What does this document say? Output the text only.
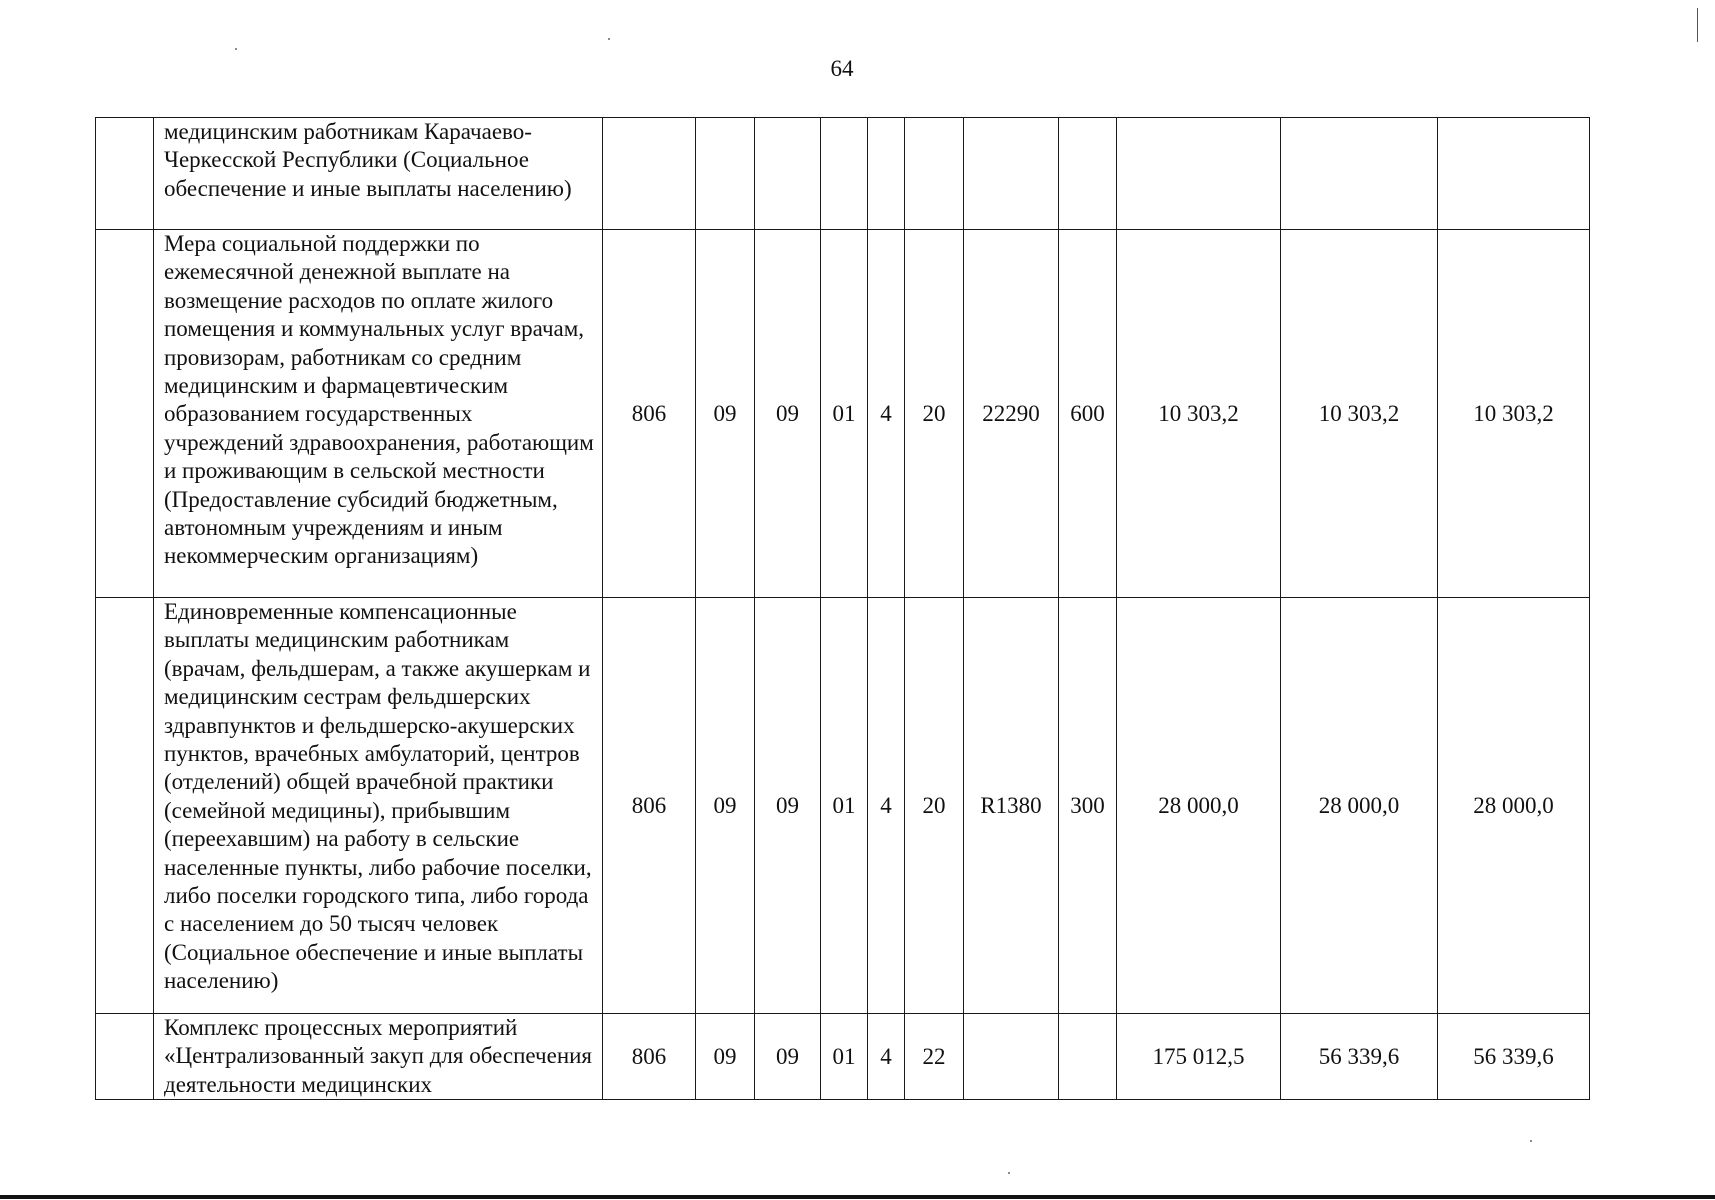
64
	медицинским работникам Карачаево-Черкесской Республики (Социальное обеспечение и иные выплаты населению)											
	Мера социальной поддержки по ежемесячной денежной выплате на возмещение расходов по оплате жилого помещения и коммунальных услуг врачам, провизорам, работникам со средним медицинским и фармацевтическим образованием государственных учреждений здравоохранения, работающим и проживающим в сельской местности (Предоставление субсидий бюджетным, автономным учреждениям и иным некоммерческим организациям)	806	09	09	01	4	20	22290	600	10 303,2	10 303,2	10 303,2
	Единовременные компенсационные выплаты медицинским работникам (врачам, фельдшерам, а также акушеркам и медицинским сестрам фельдшерских здравпунктов и фельдшерско-акушерских пунктов, врачебных амбулаторий, центров (отделений) общей врачебной практики (семейной медицины), прибывшим (переехавшим) на работу в сельские населенные пункты, либо рабочие поселки, либо поселки городского типа, либо города с населением до 50 тысяч человек (Социальное обеспечение и иные выплаты населению)	806	09	09	01	4	20	R1380	300	28 000,0	28 000,0	28 000,0
	Комплекс процессных мероприятий «Централизованный закуп для обеспечения деятельности медицинских	806	09	09	01	4	22			175 012,5	56 339,6	56 339,6
